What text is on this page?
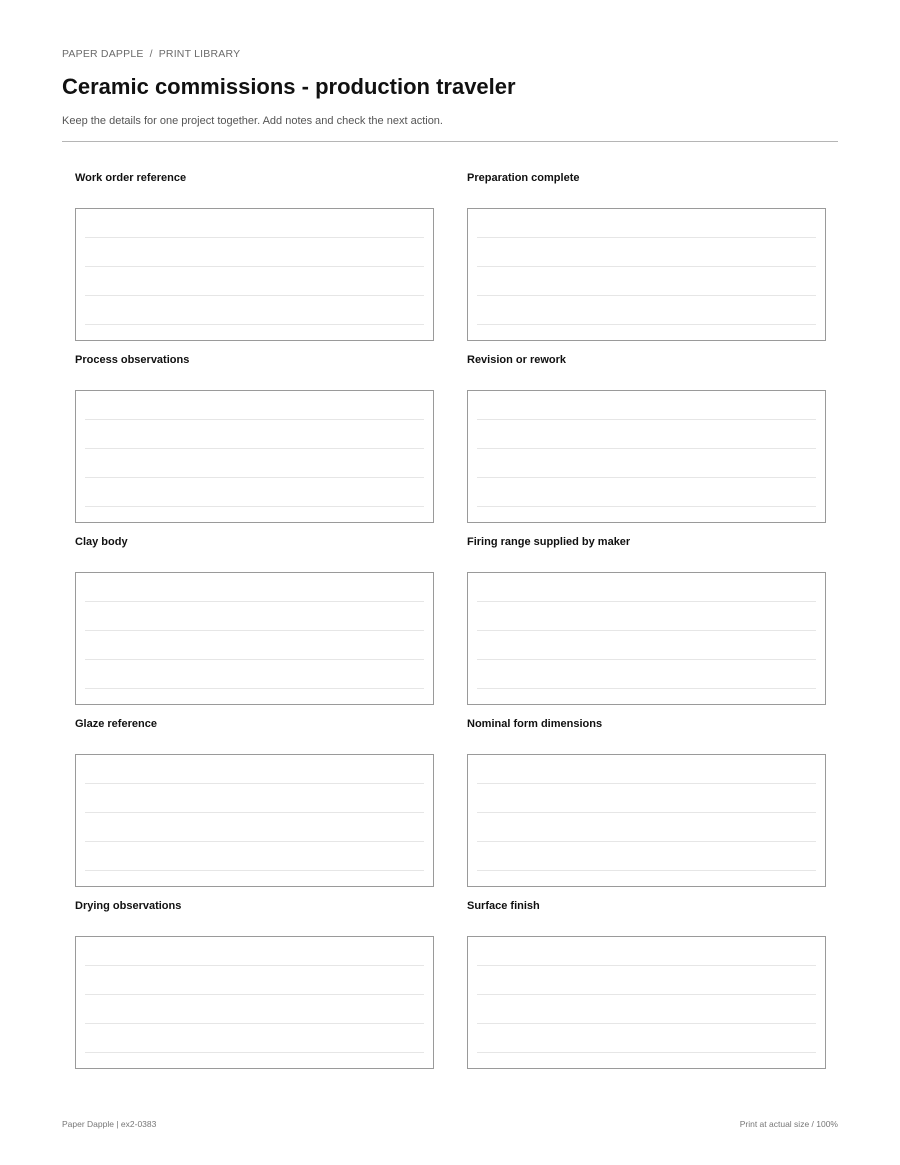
PAPER DAPPLE / PRINT LIBRARY
Ceramic commissions - production traveler
Keep the details for one project together. Add notes and check the next action.
Work order reference	Preparation complete
Process observations	Revision or rework
Clay body	Firing range supplied by maker
Glaze reference	Nominal form dimensions
Drying observations	Surface finish
Paper Dapple | ex2-0383	Print at actual size / 100%
